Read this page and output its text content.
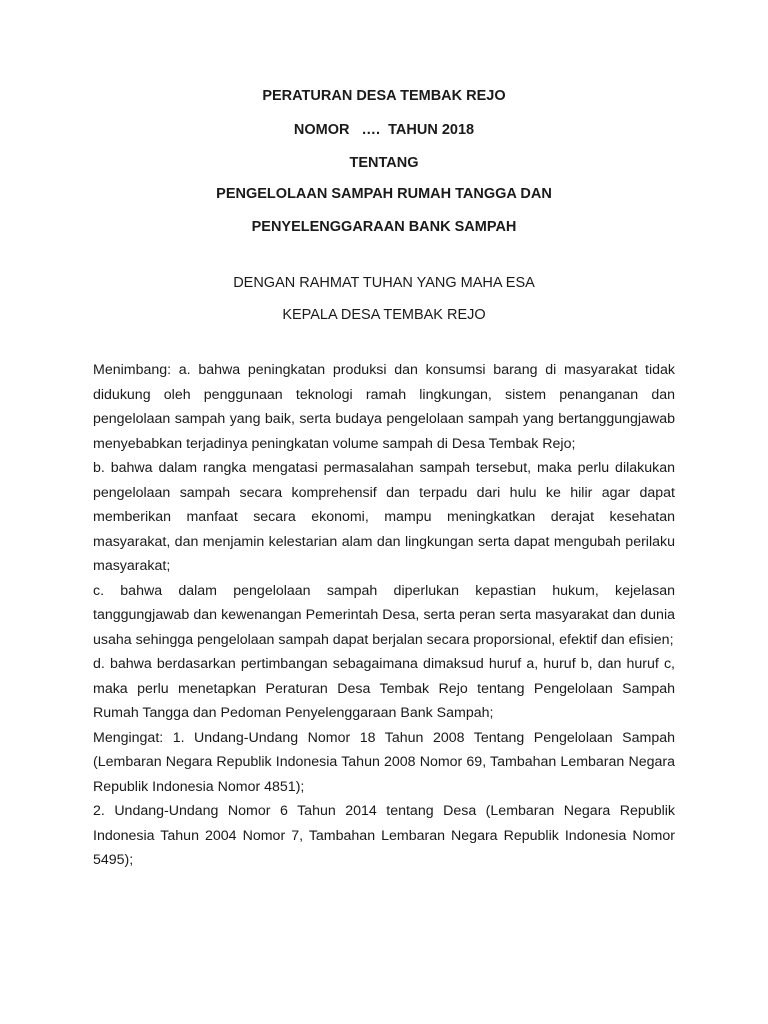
PERATURAN DESA TEMBAK REJO
NOMOR   ….  TAHUN 2018
TENTANG
PENGELOLAAN SAMPAH RUMAH TANGGA DAN
PENYELENGGARAAN BANK SAMPAH

DENGAN RAHMAT TUHAN YANG MAHA ESA

KEPALA DESA TEMBAK REJO

Menimbang: a. bahwa peningkatan produksi dan konsumsi barang di masyarakat tidak didukung oleh penggunaan teknologi ramah lingkungan, sistem penanganan dan pengelolaan sampah yang baik, serta budaya pengelolaan sampah yang bertanggungjawab menyebabkan terjadinya peningkatan volume sampah di Desa Tembak Rejo;

b. bahwa dalam rangka mengatasi permasalahan sampah tersebut, maka perlu dilakukan pengelolaan sampah secara komprehensif dan terpadu dari hulu ke hilir agar dapat memberikan manfaat secara ekonomi, mampu meningkatkan derajat kesehatan masyarakat, dan menjamin kelestarian alam dan lingkungan serta dapat mengubah perilaku masyarakat;

c. bahwa dalam pengelolaan sampah diperlukan kepastian hukum, kejelasan tanggungjawab dan kewenangan Pemerintah Desa, serta peran serta masyarakat dan dunia usaha sehingga pengelolaan sampah dapat berjalan secara proporsional, efektif dan efisien;

d. bahwa berdasarkan pertimbangan sebagaimana dimaksud huruf a, huruf b, dan huruf c, maka perlu menetapkan Peraturan Desa Tembak Rejo tentang Pengelolaan Sampah Rumah Tangga dan Pedoman Penyelenggaraan Bank Sampah;

Mengingat: 1. Undang-Undang Nomor 18 Tahun 2008 Tentang Pengelolaan Sampah (Lembaran Negara Republik Indonesia Tahun 2008 Nomor 69, Tambahan Lembaran Negara Republik Indonesia Nomor 4851);

2. Undang-Undang Nomor 6 Tahun 2014 tentang Desa (Lembaran Negara Republik Indonesia Tahun 2004 Nomor 7, Tambahan Lembaran Negara Republik Indonesia Nomor 5495);
